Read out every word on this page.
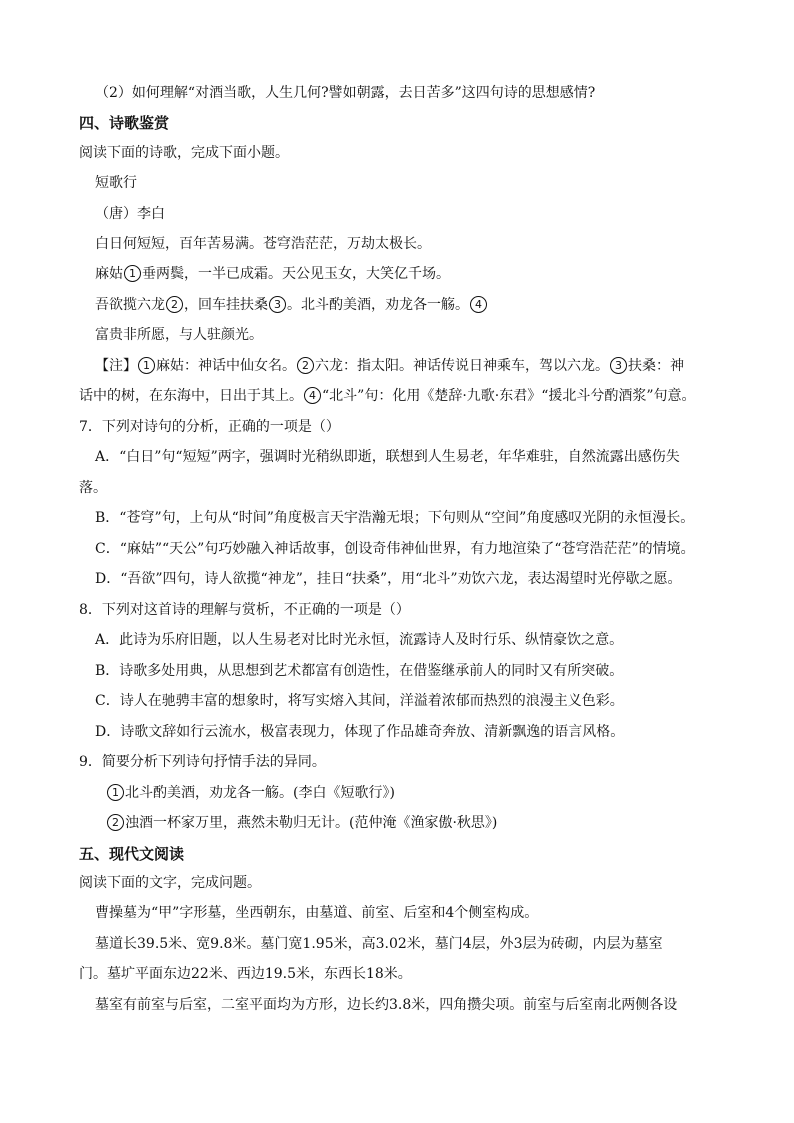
（2）如何理解“对酒当歌，人生几何?譬如朝露，去日苦多”这四句诗的思想感情?
四、诗歌鉴赏
阅读下面的诗歌，完成下面小题。
短歌行
（唐）李白
白日何短短，百年苦易满。苍穹浩茫茫，万劫太极长。
麻姑 1 垂两鬓，一半已成霜。天公见玉女，大笑亿千场。
吾欲揽六龙 2 ，回车挂扶桑 3 。北斗酌美酒，劝龙各一觞。 4
富贵非所愿，与人驻颜光。
【注】 1 麻姑：神话中仙女名。 2 六龙：指太阳。神话传说日神乘车，驾以六龙。 3 扶桑：神
话中的树，在东海中，日出于其上。 4 “北斗”句：化用《楚辞·九歌·东君》“援北斗兮酌酒浆”句意。
7．下列对诗句的分析，正确的一项是（）
A．“白日”句“短短”两字，强调时光稍纵即逝，联想到人生易老，年华难驻，自然流露出感伤失
落。
B．“苍穹”句，上句从“时间”角度极言天宇浩瀚无垠；下句则从“空间”角度感叹光阴的永恒漫长。
C．“麻姑”“天公”句巧妙融入神话故事，创设奇伟神仙世界，有力地渲染了“苍穹浩茫茫”的情境。
D．“吾欲”四句，诗人欲揽“神龙”，挂日“扶桑”，用“北斗”劝饮六龙，表达渴望时光停歇之愿。
8．下列对这首诗的理解与赏析，不正确的一项是（）
A．此诗为乐府旧题，以人生易老对比时光永恒，流露诗人及时行乐、纵情豪饮之意。
B．诗歌多处用典，从思想到艺术都富有创造性，在借鉴继承前人的同时又有所突破。
C．诗人在驰骋丰富的想象时，将写实熔入其间，洋溢着浓郁而热烈的浪漫主义色彩。
D．诗歌文辞如行云流水，极富表现力，体现了作品雄奇奔放、清新飘逸的语言风格。
9．简要分析下列诗句抒情手法的异同。
1 北斗酌美酒，劝龙各一觞。(李白《短歌行》)
2 浊酒一杯家万里，燕然未勒归无计。(范仲淹《渔家傲·秋思》)
五、现代文阅读
阅读下面的文字，完成问题。
曹操墓为“甲”字形墓，坐西朝东，由墓道、前室、后室和4个侧室构成。
墓道长39.5米、宽9.8米。墓门宽1.95米，高3.02米，墓门4层，外3层为砖砌，内层为墓室
门。墓圹平面东边22米、西边19.5米，东西长18米。
墓室有前室与后室，二室平面均为方形，边长约3.8米，四角攒尖项。前室与后室南北两侧各设
